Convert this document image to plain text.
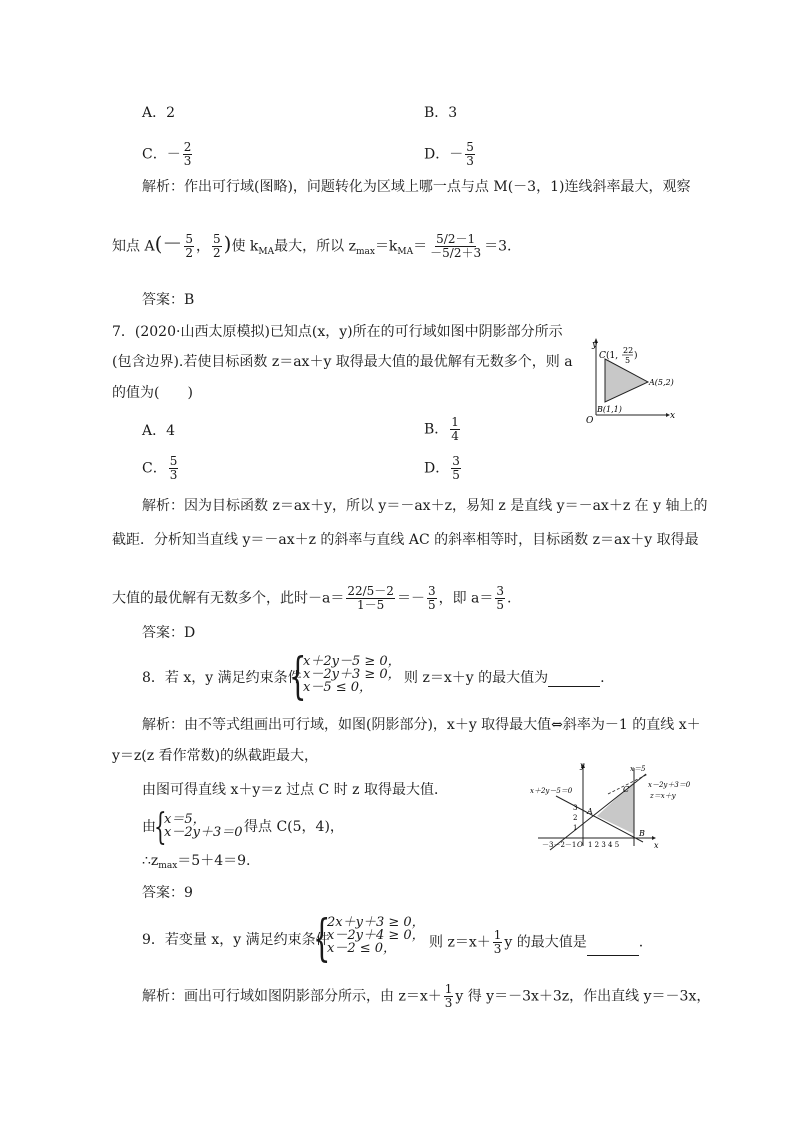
A．2	B．3
C．－ $\frac{2}{3}$	D．－ $\frac{5}{3}$
解析：作出可行域(图略)，问题转化为区域上哪一点与点 M(－3，1)连线斜率最大，观察
知点 $A(- \frac{5}{2}$ ， $\frac{5}{2}$ )使 $k_{MA}$最大，所以 $z_{max}=k_{MA}= \frac{5/2-1}{-5/2+3} =3$.
答案：B
7．(2020·山西太原模拟)已知点(x，y)所在的可行域如图中阴影部分所示
(包含边界).若使目标函数 z＝ax＋y 取得最大值的最优解有无数多个，则 a
的值为(　　)
y
x
O
C (1,
22
5 )
A(5,2)
B(1,1)
A．4	B． $\frac{1}{4}$
C． $\frac{5}{3}$	D． $\frac{3}{5}$
解析：因为目标函数 z＝ax＋y，所以 y＝－ax＋z，易知 z 是直线 y＝－ax＋z 在 y 轴上的
截距．分析知当直线 y＝－ax＋z 的斜率与直线 AC 的斜率相等时，目标函数 z＝ax＋y 取得最
大值的最优解有无数多个，此时$-a= \frac{22/5-2}{1-5} =- \frac{3}{5}$ ，即 $a= \frac{3}{5}$ .
答案：D
8．若 x，y 满足约束条件
{
x＋2y－5 ≥ 0，
x－2y＋3 ≥ 0，
x－5 ≤ 0，
则 z＝x＋y 的最大值为	.
解析：由不等式组画出可行域，如图(阴影部分)，x＋y 取得最大值⇔斜率为－1 的直线 x＋
y＝z(z 看作常数)的纵截距最大，
由图可得直线 x＋y＝z 过点 C 时 z 取得最大值．
由
{
x＝5，
x－2y＋3＝0 得点 C(5，4)，
$\therefore z_{max}=5+4=9$.
答案：9
y
x
x＝5
x＋2y－5＝0
x－2y＋3＝0
z＝x＋y
A
B
C
3
2
1
O
－3－2－1 1 2 3 4 5
9．若变量 x，y 满足约束条件
{
2x＋y＋3 ≥ 0，
x－2y＋4 ≥ 0，
x－2 ≤ 0，	则 $z=x+ \frac{1}{3}$ y 的最大值是	.
解析：画出可行域如图阴影部分所示，由 $z=x+ \frac{1}{3}$ y 得 y＝－3x＋3z，作出直线 y＝－3x，
